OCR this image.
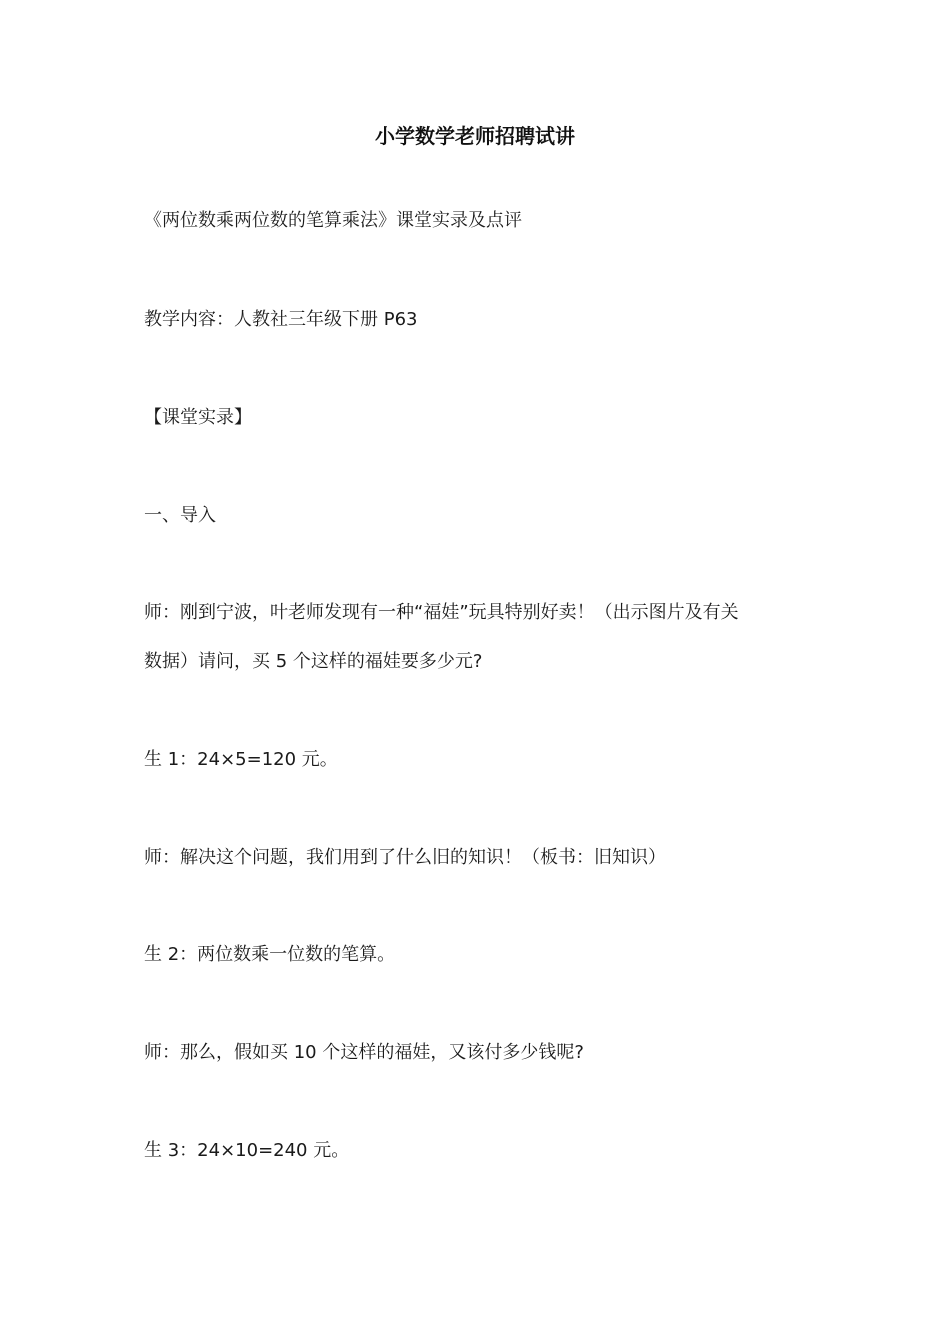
小学数学老师招聘试讲
《两位数乘两位数的笔算乘法》课堂实录及点评
教学内容：人教社三年级下册 P63
【课堂实录】
一、导入
师：刚到宁波，叶老师发现有一种“福娃”玩具特别好卖！（出示图片及有关
数据）请问，买 5 个这样的福娃要多少元?
生 1：24×5=120 元。
师：解决这个问题，我们用到了什么旧的知识！（板书：旧知识）
生 2：两位数乘一位数的笔算。
师：那么，假如买 10 个这样的福娃，又该付多少钱呢?
生 3：24×10=240 元。
